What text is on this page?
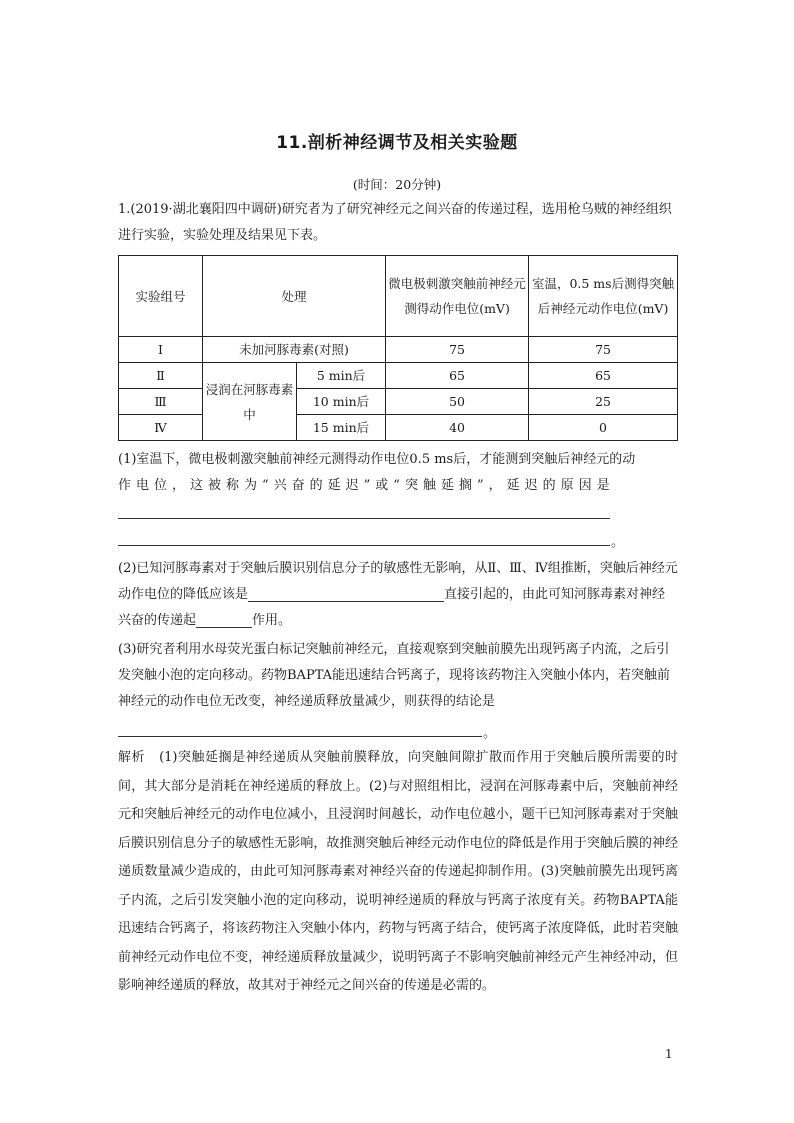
11.剖析神经调节及相关实验题
(时间：20分钟)
1.(2019·湖北襄阳四中调研)研究者为了研究神经元之间兴奋的传递过程，选用枪乌贼的神经组织进行实验，实验处理及结果见下表。
实验组号	处理		微电极刺激突触前神经元测得动作电位(mV)	室温，0.5 ms后测得突触后神经元动作电位(mV)
Ⅰ	未加河豚毒素(对照)		75	75
Ⅱ	浸润在河豚毒素中	5 min后	65	65
Ⅲ		10 min后	50	25
Ⅳ		15 min后	40	0
(1)室温下，微电极刺激突触前神经元测得动作电位0.5 ms后，才能测到突触后神经元的动
作电位，这被称为“兴奋的延迟”或“突触延搁”，延迟的原因是
。
(2)已知河豚毒素对于突触后膜识别信息分子的敏感性无影响，从Ⅱ、Ⅲ、Ⅳ组推断，突触后神经元动作电位的降低应该是	直接引起的，由此可知河豚毒素对神经兴奋的传递起	作用。
(3)研究者利用水母荧光蛋白标记突触前神经元，直接观察到突触前膜先出现钙离子内流，之后引发突触小泡的定向移动。药物BAPTA能迅速结合钙离子，现将该药物注入突触小体内，若突触前神经元的动作电位无改变，神经递质释放量减少，则获得的结论是
。
解析 (1)突触延搁是神经递质从突触前膜释放，向突触间隙扩散而作用于突触后膜所需要的时间，其大部分是消耗在神经递质的释放上。(2)与对照组相比，浸润在河豚毒素中后，突触前神经元和突触后神经元的动作电位减小，且浸润时间越长，动作电位越小，题干已知河豚毒素对于突触后膜识别信息分子的敏感性无影响，故推测突触后神经元动作电位的降低是作用于突触后膜的神经递质数量减少造成的，由此可知河豚毒素对神经兴奋的传递起抑制作用。(3)突触前膜先出现钙离子内流，之后引发突触小泡的定向移动，说明神经递质的释放与钙离子浓度有关。药物BAPTA能迅速结合钙离子，将该药物注入突触小体内，药物与钙离子结合，使钙离子浓度降低，此时若突触前神经元动作电位不变，神经递质释放量减少，说明钙离子不影响突触前神经元产生神经冲动，但影响神经递质的释放，故其对于神经元之间兴奋的传递是必需的。
1
